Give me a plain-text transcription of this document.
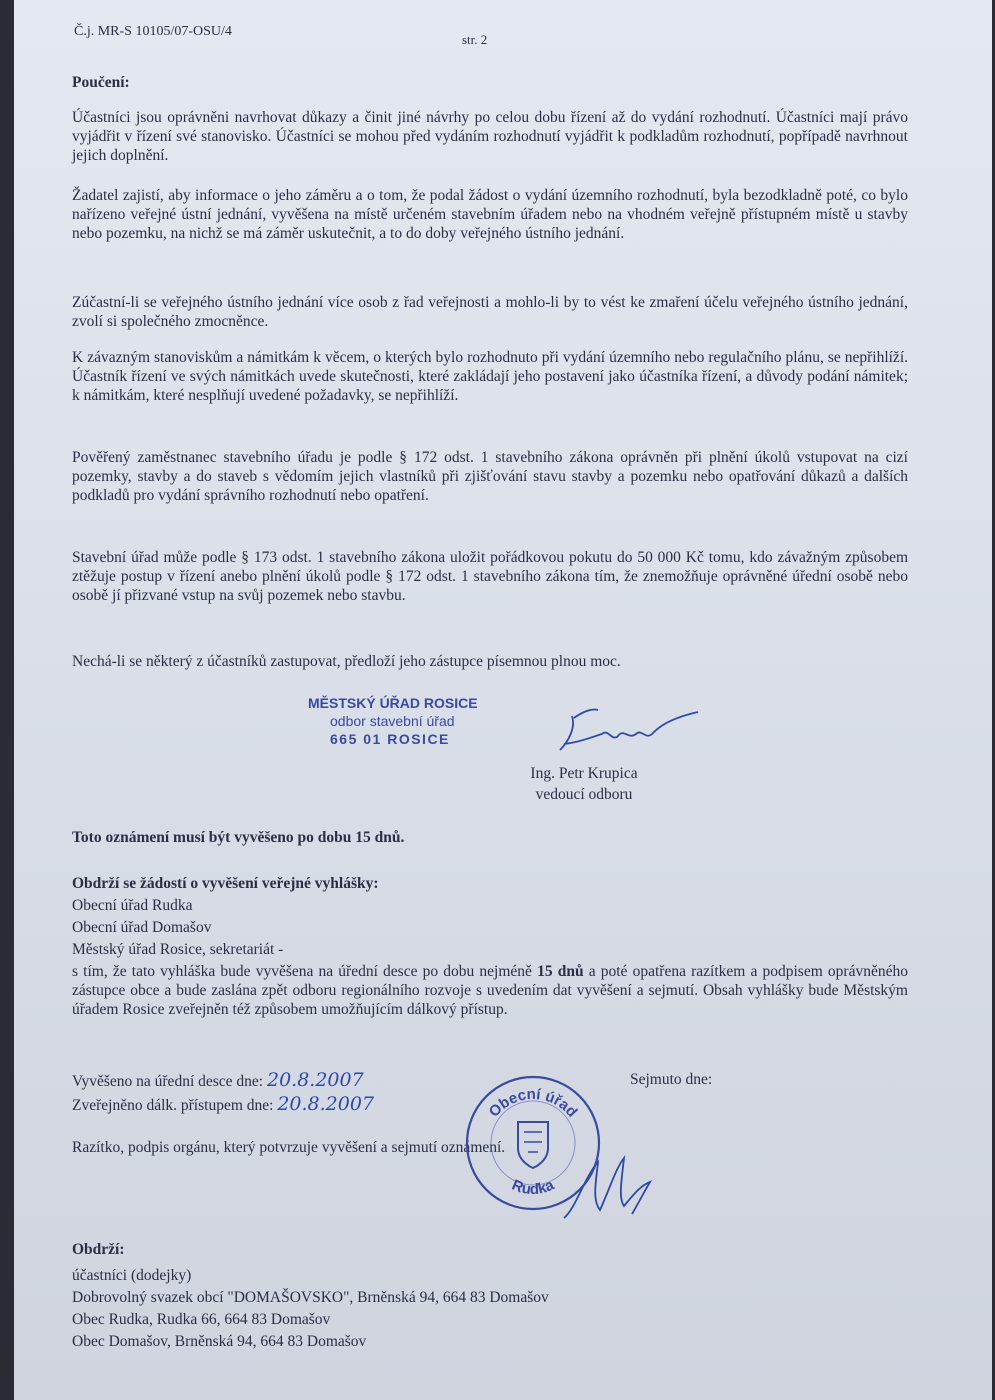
Č.j. MR-S 10105/07-OSU/4
str. 2
Poučení:
Účastníci jsou oprávněni navrhovat důkazy a činit jiné návrhy po celou dobu řízení až do vydání rozhodnutí. Účastníci mají právo vyjádřit v řízení své stanovisko. Účastníci se mohou před vydáním rozhodnutí vyjádřit k podkladům rozhodnutí, popřípadě navrhnout jejich doplnění.
Žadatel zajistí, aby informace o jeho záměru a o tom, že podal žádost o vydání územního rozhodnutí, byla bezodkladně poté, co bylo nařízeno veřejné ústní jednání, vyvěšena na místě určeném stavebním úřadem nebo na vhodném veřejně přístupném místě u stavby nebo pozemku, na nichž se má záměr uskutečnit, a to do doby veřejného ústního jednání.
Zúčastní-li se veřejného ústního jednání více osob z řad veřejnosti a mohlo-li by to vést ke zmaření účelu veřejného ústního jednání, zvolí si společného zmocněnce.
K závazným stanoviskům a námitkám k věcem, o kterých bylo rozhodnuto při vydání územního nebo regulačního plánu, se nepřihlíží. Účastník řízení ve svých námitkách uvede skutečnosti, které zakládají jeho postavení jako účastníka řízení, a důvody podání námitek; k námitkám, které nesplňují uvedené požadavky, se nepřihlíží.
Pověřený zaměstnanec stavebního úřadu je podle § 172 odst. 1 stavebního zákona oprávněn při plnění úkolů vstupovat na cizí pozemky, stavby a do staveb s vědomím jejich vlastníků při zjišťování stavu stavby a pozemku nebo opatřování důkazů a dalších podkladů pro vydání správního rozhodnutí nebo opatření.
Stavební úřad může podle § 173 odst. 1 stavebního zákona uložit pořádkovou pokutu do 50 000 Kč tomu, kdo závažným způsobem ztěžuje postup v řízení anebo plnění úkolů podle § 172 odst. 1 stavebního zákona tím, že znemožňuje oprávněné úřední osobě nebo osobě jí přizvané vstup na svůj pozemek nebo stavbu.
Nechá-li se některý z účastníků zastupovat, předloží jeho zástupce písemnou plnou moc.
MĚSTSKÝ ÚŘAD ROSICE
odbor stavební úřad
665 01 ROSICE
Ing. Petr Krupica
vedoucí odboru
Toto oznámení musí být vyvěšeno po dobu 15 dnů.
Obdrží se žádostí o vyvěšení veřejné vyhlášky:
Obecní úřad Rudka
Obecní úřad Domašov
Městský úřad Rosice, sekretariát -
s tím, že tato vyhláška bude vyvěšena na úřední desce po dobu nejméně 15 dnů a poté opatřena razítkem a podpisem oprávněného zástupce obce a bude zaslána zpět odboru regionálního rozvoje s uvedením dat vyvěšení a sejmutí. Obsah vyhlášky bude Městským úřadem Rosice zveřejněn též způsobem umožňujícím dálkový přístup.
Vyvěšeno na úřední desce dne: 20.8.2007	Sejmuto dne:
Zveřejněno dálk. přístupem dne: 20.8.2007
Razítko, podpis orgánu, který potvrzuje vyvěšení a sejmutí oznámení.
Obecní úřad
Rudka
Obdrží:
účastníci (dodejky)
Dobrovolný svazek obcí "DOMAŠOVSKO", Brněnská 94, 664 83 Domašov
Obec Rudka, Rudka 66, 664 83 Domašov
Obec Domašov, Brněnská 94, 664 83 Domašov
